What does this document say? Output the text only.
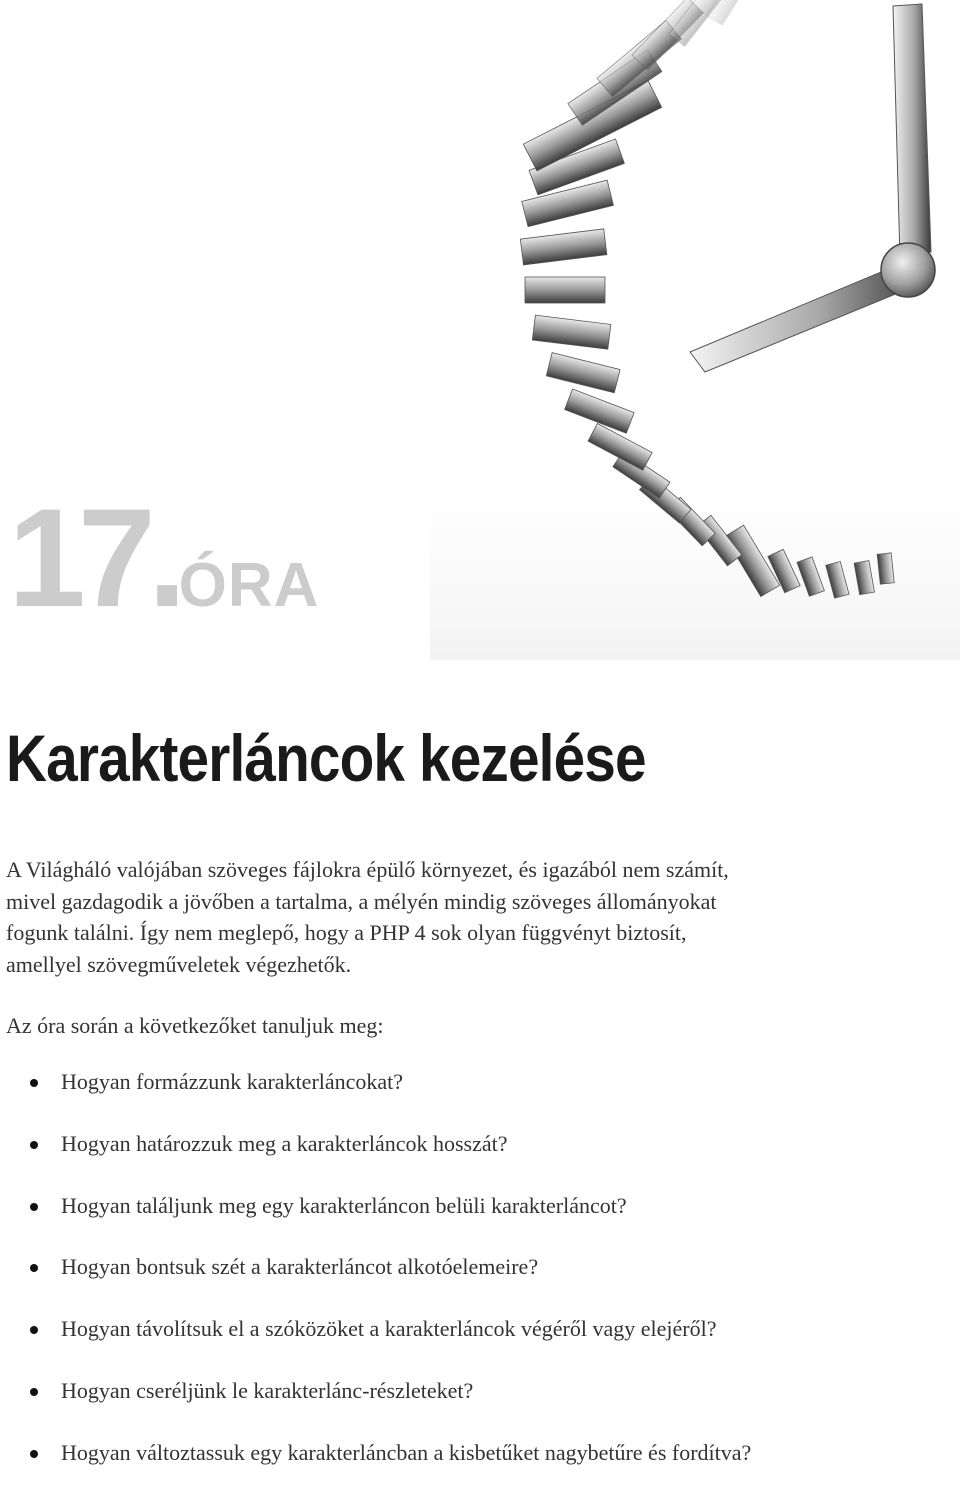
17. ÓRA
Karakterláncok kezelése

A Világháló valójában szöveges fájlokra épülő környezet, és igazából nem számít,
mivel gazdagodik a jövőben a tartalma, a mélyén mindig szöveges állományokat
fogunk találni. Így nem meglepő, hogy a PHP 4 sok olyan függvényt biztosít,
amellyel szövegműveletek végezhetők.

Az óra során a következőket tanuljuk meg:

Hogyan formázzunk karakterláncokat?
Hogyan határozzuk meg a karakterláncok hosszát?
Hogyan találjunk meg egy karakterláncon belüli karakterláncot?
Hogyan bontsuk szét a karakterláncot alkotóelemeire?
Hogyan távolítsuk el a szóközöket a karakterláncok végéről vagy elejéről?
Hogyan cseréljünk le karakterlánc-részleteket?
Hogyan változtassuk egy karakterláncban a kisbetűket nagybetűre és fordítva?
